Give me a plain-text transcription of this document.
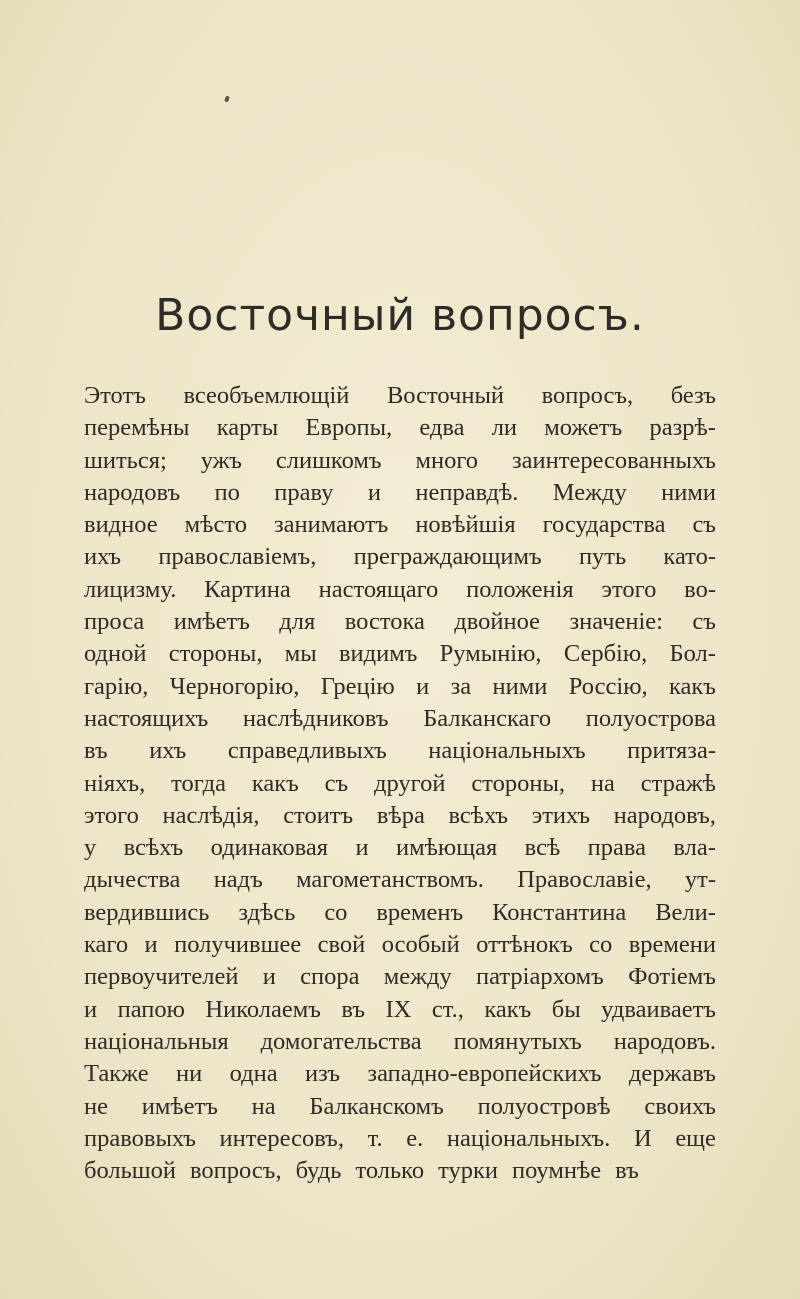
Восточный вопросъ.
Этотъ всеобъемлющій Восточный вопросъ, безъ
перемѣны карты Европы, едва ли можетъ разрѣ-
шиться; ужъ слишкомъ много заинтересованныхъ
народовъ по праву и неправдѣ. Между ними
видное мѣсто занимаютъ новѣйшія государства съ
ихъ православіемъ, преграждающимъ путь като-
лицизму. Картина настоящаго положенія этого во-
проса имѣетъ для востока двойное значеніе: съ
одной стороны, мы видимъ Румынію, Сербію, Бол-
гарію, Черногорію, Грецію и за ними Россію, какъ
настоящихъ наслѣдниковъ Балканскаго полуострова
въ ихъ справедливыхъ національныхъ притяза-
ніяхъ, тогда какъ съ другой стороны, на стражѣ
этого наслѣдія, стоитъ вѣра всѣхъ этихъ народовъ,
у всѣхъ одинаковая и имѣющая всѣ права вла-
дычества надъ магометанствомъ. Православіе, ут-
вердившись здѣсь со временъ Константина Вели-
каго и получившее свой особый оттѣнокъ со времени
первоучителей и спора между патріархомъ Фотіемъ
и папою Николаемъ въ IX ст., какъ бы удваиваетъ
національныя домогательства помянутыхъ народовъ.
Также ни одна изъ западно-европейскихъ державъ
не имѣетъ на Балканскомъ полуостровѣ своихъ
правовыхъ интересовъ, т. е. національныхъ. И еще
большой вопросъ, будь только турки поумнѣе въ
